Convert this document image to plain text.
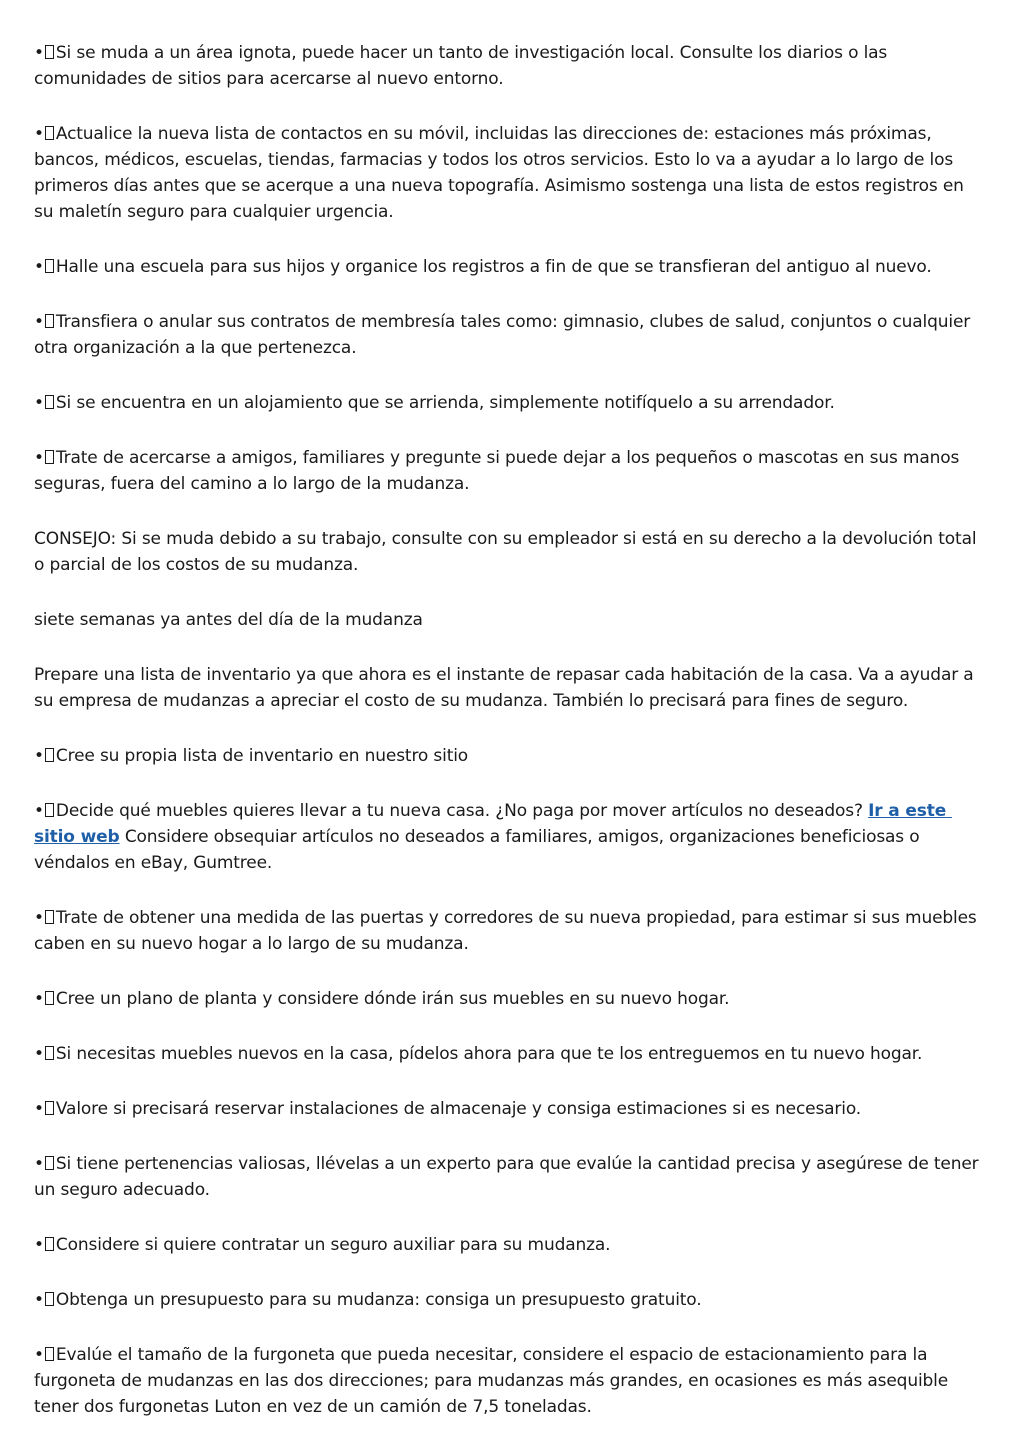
• Si se muda a un área ignota, puede hacer un tanto de investigación local. Consulte los diarios o las comunidades de sitios para acercarse al nuevo entorno.

• Actualice la nueva lista de contactos en su móvil, incluidas las direcciones de: estaciones más próximas, bancos, médicos, escuelas, tiendas, farmacias y todos los otros servicios. Esto lo va a ayudar a lo largo de los primeros días antes que se acerque a una nueva topografía. Asimismo sostenga una lista de estos registros en su maletín seguro para cualquier urgencia.

• Halle una escuela para sus hijos y organice los registros a fin de que se transfieran del antiguo al nuevo.

• Transfiera o anular sus contratos de membresía tales como: gimnasio, clubes de salud, conjuntos o cualquier otra organización a la que pertenezca.

• Si se encuentra en un alojamiento que se arrienda, simplemente notifíquelo a su arrendador.

• Trate de acercarse a amigos, familiares y pregunte si puede dejar a los pequeños o mascotas en sus manos seguras, fuera del camino a lo largo de la mudanza.

CONSEJO: Si se muda debido a su trabajo, consulte con su empleador si está en su derecho a la devolución total o parcial de los costos de su mudanza.

siete semanas ya antes del día de la mudanza

Prepare una lista de inventario ya que ahora es el instante de repasar cada habitación de la casa. Va a ayudar a su empresa de mudanzas a apreciar el costo de su mudanza. También lo precisará para fines de seguro.

• Cree su propia lista de inventario en nuestro sitio

• Decide qué muebles quieres llevar a tu nueva casa. ¿No paga por mover artículos no deseados? Ir a este sitio web Considere obsequiar artículos no deseados a familiares, amigos, organizaciones beneficiosas o véndalos en eBay, Gumtree.

• Trate de obtener una medida de las puertas y corredores de su nueva propiedad, para estimar si sus muebles caben en su nuevo hogar a lo largo de su mudanza.

• Cree un plano de planta y considere dónde irán sus muebles en su nuevo hogar.

• Si necesitas muebles nuevos en la casa, pídelos ahora para que te los entreguemos en tu nuevo hogar.

• Valore si precisará reservar instalaciones de almacenaje y consiga estimaciones si es necesario.

• Si tiene pertenencias valiosas, llévelas a un experto para que evalúe la cantidad precisa y asegúrese de tener un seguro adecuado.

• Considere si quiere contratar un seguro auxiliar para su mudanza.

• Obtenga un presupuesto para su mudanza: consiga un presupuesto gratuito.

• Evalúe el tamaño de la furgoneta que pueda necesitar, considere el espacio de estacionamiento para la furgoneta de mudanzas en las dos direcciones; para mudanzas más grandes, en ocasiones es más asequible tener dos furgonetas Luton en vez de un camión de 7,5 toneladas.
